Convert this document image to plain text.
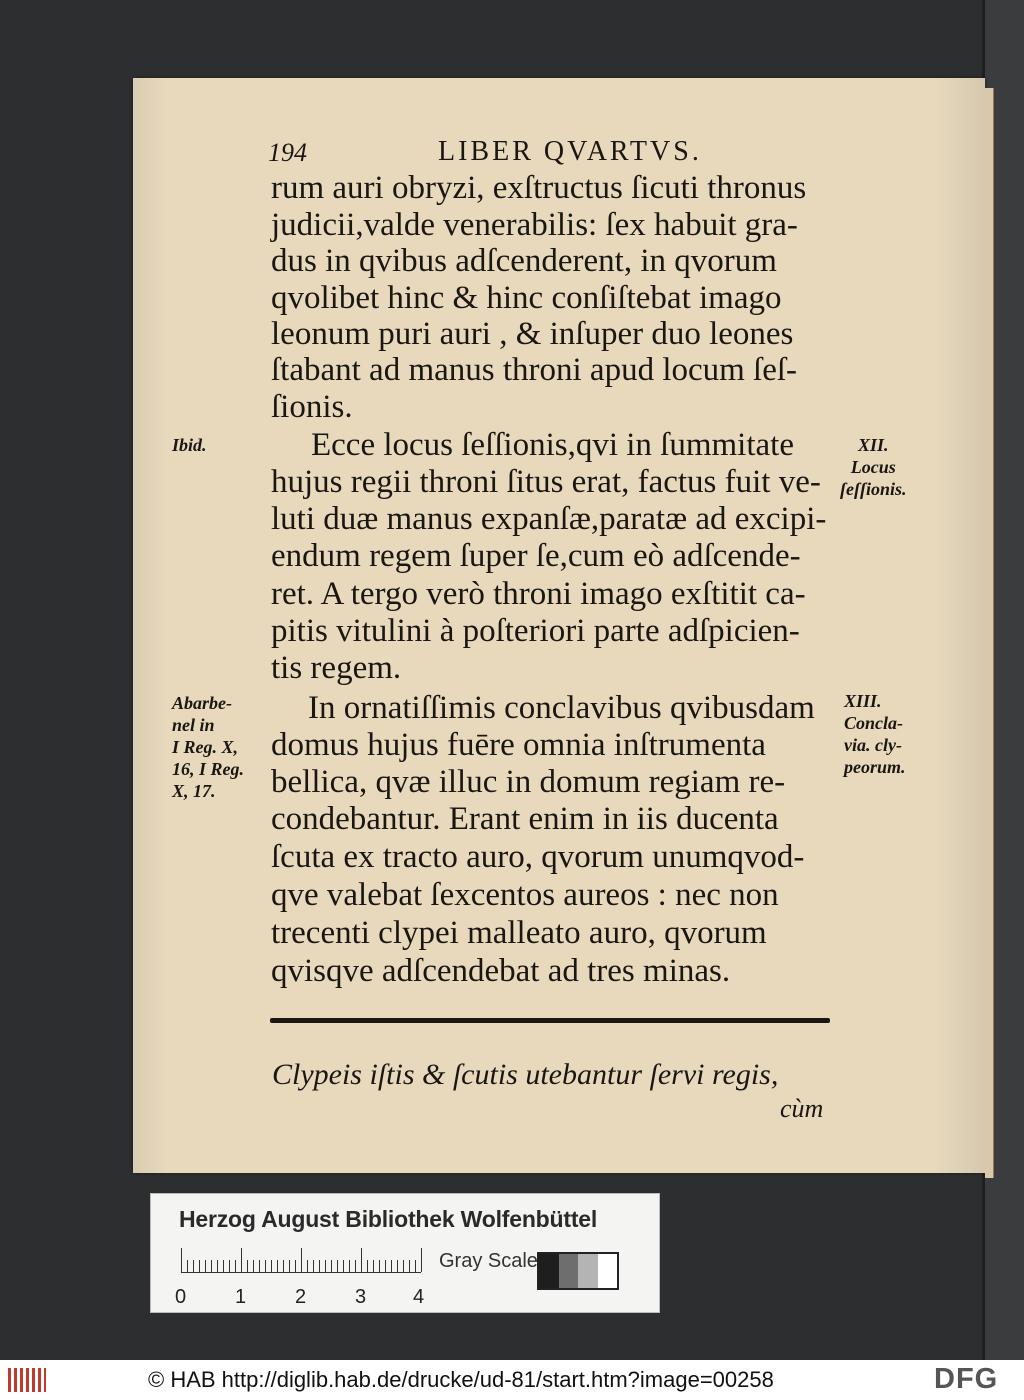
194	LIBER QVARTVS.
rum auri obryzi, exſtructus ſicuti thronus
judicii,valde venerabilis: ſex habuit gra-
dus in qvibus adſcenderent, in qvorum
qvolibet hinc & hinc conſiſtebat imago
leonum puri auri , & inſuper duo leones
ſtabant ad manus throni apud locum ſeſ-
ſionis.
Ecce locus ſeſſionis,qvi in ſummitate
hujus regii throni ſitus erat, factus fuit ve-
luti duæ manus expanſæ,paratæ ad excipi-
endum regem ſuper ſe,cum eò adſcende-
ret. A tergo verò throni imago exſtitit ca-
pitis vitulini à poſteriori parte adſpicien-
tis regem.
In ornatiſſimis conclavibus qvibusdam
domus hujus fuēre omnia inſtrumenta
bellica, qvæ illuc in domum regiam re-
condebantur. Erant enim in iis ducenta
ſcuta ex tracto auro, qvorum unumqvod-
qve valebat ſexcentos aureos : nec non
trecenti clypei malleato auro, qvorum
qvisqve adſcendebat ad tres minas.
Ibid.
Abarbe-
nel in
I Reg. X,
16, I Reg.
X, 17.
XII.
Locus
ſeſſionis.
XIII.
Concla-
via. cly-
peorum.
Clypeis iſtis & ſcutis utebantur ſervi regis,
cùm
Herzog August Bibliothek Wolfenbüttel
0 1 2 3 4
Gray Scale
© HAB http://diglib.hab.de/drucke/ud-81/start.htm?image=00258	DFG
